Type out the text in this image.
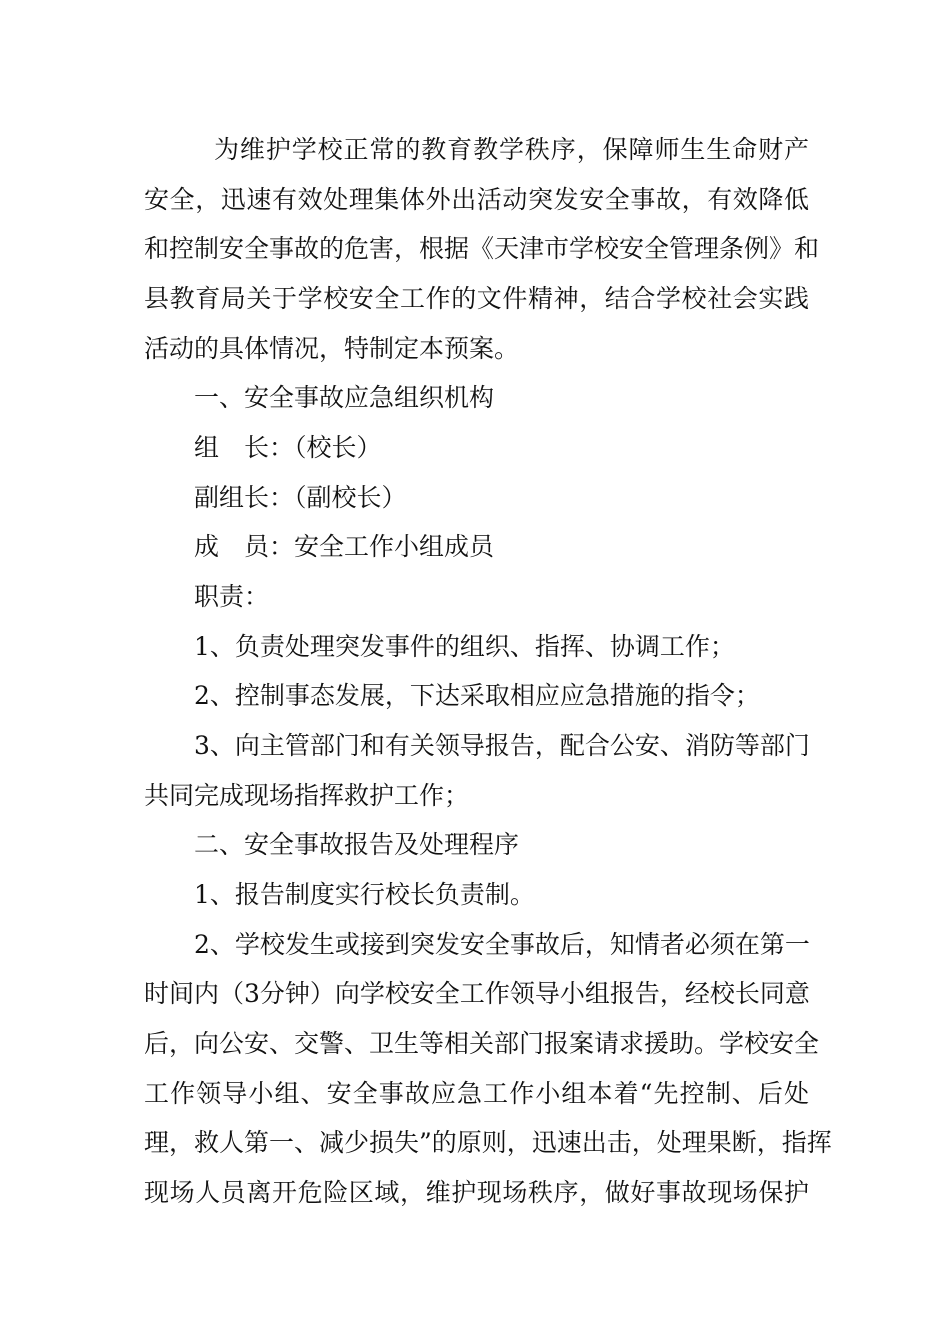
为维护学校正常的教育教学秩序，保障师生生命财产
安全，迅速有效处理集体外出活动突发安全事故，有效降低
和控制安全事故的危害，根据《天津市学校安全管理条例》和
县教育局关于学校安全工作的文件精神，结合学校社会实践
活动的具体情况，特制定本预案。
一、安全事故应急组织机构
组　长：（校长）
副组长：（副校长）
成　员：安全工作小组成员
职责：
1、负责处理突发事件的组织、指挥、协调工作；
2、控制事态发展，下达采取相应应急措施的指令；
3、向主管部门和有关领导报告，配合公安、消防等部门
共同完成现场指挥救护工作；
二、安全事故报告及处理程序
1、报告制度实行校长负责制。
2、学校发生或接到突发安全事故后，知情者必须在第一
时间内（3分钟）向学校安全工作领导小组报告，经校长同意
后，向公安、交警、卫生等相关部门报案请求援助。学校安全
工作领导小组、安全事故应急工作小组本着“先控制、后处
理，救人第一、减少损失”的原则，迅速出击，处理果断，指挥
现场人员离开危险区域，维护现场秩序，做好事故现场保护
